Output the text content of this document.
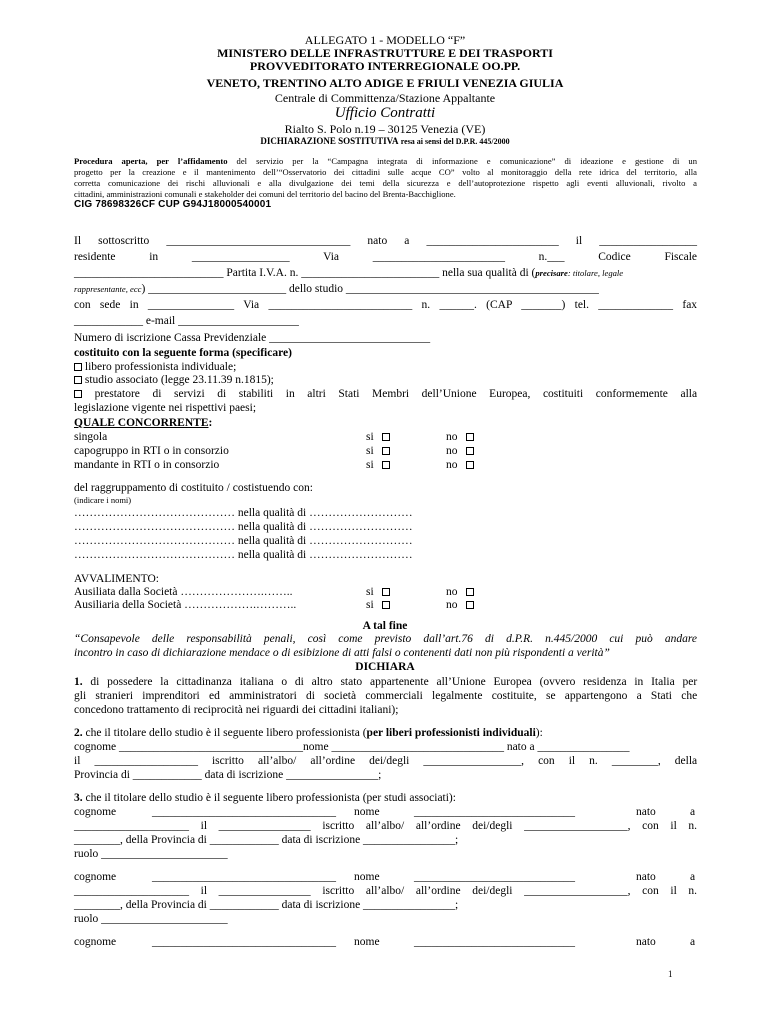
ALLEGATO 1 - MODELLO “F”
MINISTERO DELLE INFRASTRUTTURE E DEI TRASPORTI
PROVVEDITORATO INTERREGIONALE OO.PP.
VENETO, TRENTINO ALTO ADIGE E FRIULI VENEZIA GIULIA
Centrale di Committenza/Stazione Appaltante
Ufficio Contratti
Rialto S. Polo n.19 – 30125 Venezia (VE)
DICHIARAZIONE SOSTITUTIVA resa ai sensi del D.P.R. 445/2000
Procedura aperta, per l’affidamento del servizio per la “Campagna integrata di informazione e comunicazione” di ideazione e gestione di un
progetto per la creazione e il mantenimento dell’“Osservatorio dei cittadini sulle acque CO” volto al monitoraggio della rete idrica del territorio, alla
corretta comunicazione dei rischi alluvionali e alla divulgazione dei temi della sicurezza e dell’autoprotezione rispetto agli eventi alluvionali, rivolto a
cittadini, amministrazioni comunali e stakeholder dei comuni del territorio del bacino del Brenta-Bacchiglione.
CIG 78698326CF CUP G94J18000540001
Il sottoscritto ________________________________ nato a _______________________ il _________________
residente	in	_________________	Via	_______________________	n.___	Codice	Fiscale
__________________________ Partita I.V.A. n. ________________________ nella sua qualità di (precisare: titolare, legale
rappresentante, ecc) ________________________ dello studio ____________________________________________
con sede in _______________ Via _________________________ n. ______. (CAP _______) tel. _____________ fax
____________ e-mail _____________________
Numero di iscrizione Cassa Previdenziale ____________________________
costituito con la seguente forma (specificare)
libero professionista individuale;
studio associato (legge 23.11.39 n.1815);
prestatore di servizi di stabiliti in altri Stati Membri dell’Unione Europea, costituiti conformemente alla
legislazione vigente nei rispettivi paesi;
QUALE CONCORRENTE:
singola	si	no
capogruppo in RTI o in consorzio	si	no
mandante in RTI o in consorzio	si	no
del raggruppamento di costituito / costistuendo con:
(indicare i nomi)
…………………………………… nella qualità di ………………………
…………………………………… nella qualità di ………………………
…………………………………… nella qualità di ………………………
…………………………………… nella qualità di ………………………
AVVALIMENTO:
Ausiliata dalla Società ………………….……..	si	no
Ausiliaria della Società ……………….………..	si	no
A tal fine
“Consapevole delle responsabilità penali, così come previsto dall’art.76 di d.P.R. n.445/2000 cui può andare
incontro in caso di dichiarazione mendace o di esibizione di atti falsi o contenenti dati non più rispondenti a verità”
DICHIARA
1. di possedere la cittadinanza italiana o di altro stato appartenente all’Unione Europea (ovvero residenza in Italia per
gli stranieri imprenditori ed amministratori di società commerciali legalmente costituite, se appartengono a Stati che
concedono trattamento di reciprocità nei riguardi dei cittadini italiani);
2. che il titolare dello studio è il seguente libero professionista (per liberi professionisti individuali):
cognome ________________________________nome ______________________________ nato a ________________
il __________________ iscritto all’albo/ all’ordine dei/degli _________________, con il n. ________, della
Provincia di ____________ data di iscrizione ________________;
3. che il titolare dello studio è il seguente libero professionista (per studi associati):
cognome	________________________________ nome	____________________________	nato	a
____________________ il ________________ iscritto all’albo/ all’ordine dei/degli __________________, con il n.
________, della Provincia di ____________ data di iscrizione ________________;
ruolo ______________________
cognome	________________________________ nome	____________________________	nato	a
____________________ il ________________ iscritto all’albo/ all’ordine dei/degli __________________, con il n.
________, della Provincia di ____________ data di iscrizione ________________;
ruolo ______________________
cognome	________________________________ nome	____________________________	nato	a
1
